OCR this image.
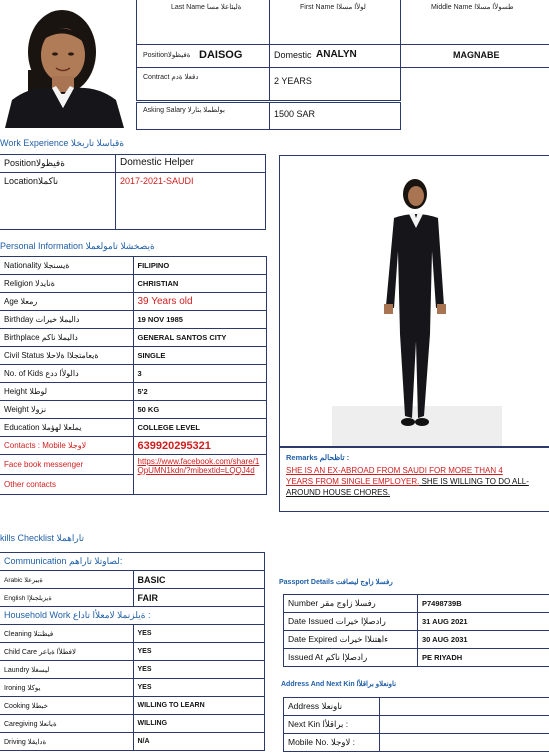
Last Name ةليئاعلا مسا	First Name لولأا مسلاا	Middle Name طسولأا مسلاا
Positionةفيظولا DAISOG	Domestic ANALYN	MAGNABE
Contract دقعلا ةدم	2 YEARS
Asking Salary بولطملا بتارلا	1500 SAR
Work Experience ةقباسلا تاربخلا
Positionةفيظولا	Domestic Helper
Locationناكملا	2017-2021-SAUDI
Personal Information ةيصخشلا تامولعملا
Nationality ةيسنجلا	FILIPINO
Religion ةنايدلا	CHRISTIAN
Age رمعلا	39 Years old
Birthday داليملا خيرات	19 NOV 1985
Birthplace داليملا ناكم	GENERAL SANTOS CITY
Civil Status ةيعامتجلاا ةلاحلا	SINGLE
No. of Kids دالولأا ددع	3
Height لوطلا	5'2
Weight نزولا	50 KG
Education يملعلا لهؤملا	COLLEGE LEVEL
Contacts : Mobile لاوجلا	639920295321
Face book messenger	https://www.facebook.com/share/1QpUMN1kdn/?mibextid=LQQJ4d

Other contacts	
Remarks تاظحالم :
SHE IS AN EX-ABROAD FROM SAUDI FOR MORE THAN 4 YEARS FROM SINGLE EMPLOYER. SHE IS WILLING TO DO ALL-AROUND HOUSE CHORES.
kills Checklist تاراهملا
Communication لصاوتلا تاراهم:	
Arabic ةيبرعلا	BASIC
English ةيزيلجنلإا	FAIR
Household Work ةيلزنملا لامعلأا تاداع :	
Cleaning فيظنتلا	YES
Child Care لافطلأا ةياعر	YES
Laundry ليسغلا	YES
Ironing يوكلا	YES
Cooking خبطلا	WILLING TO LEARN
Caregiving ةيانعلا	WILLING
Driving ةدايقلا	N/A
Passport Details رفسلا زاوج ليصافت
Number رفسلا زاوج مقر	P7498739B
Date Issued رادصلإا خيرات	31 AUG 2021
Date Expired ءاهتنلاا خيرات	30 AUG 2031
Issued At رادصلإا ناكم	PE RIYADH
Address And Next Kin ناونعلاو براقلأا
Address ناونعلا	
Next Kin براقلأا :	
Mobile No. لاوجلا :	
